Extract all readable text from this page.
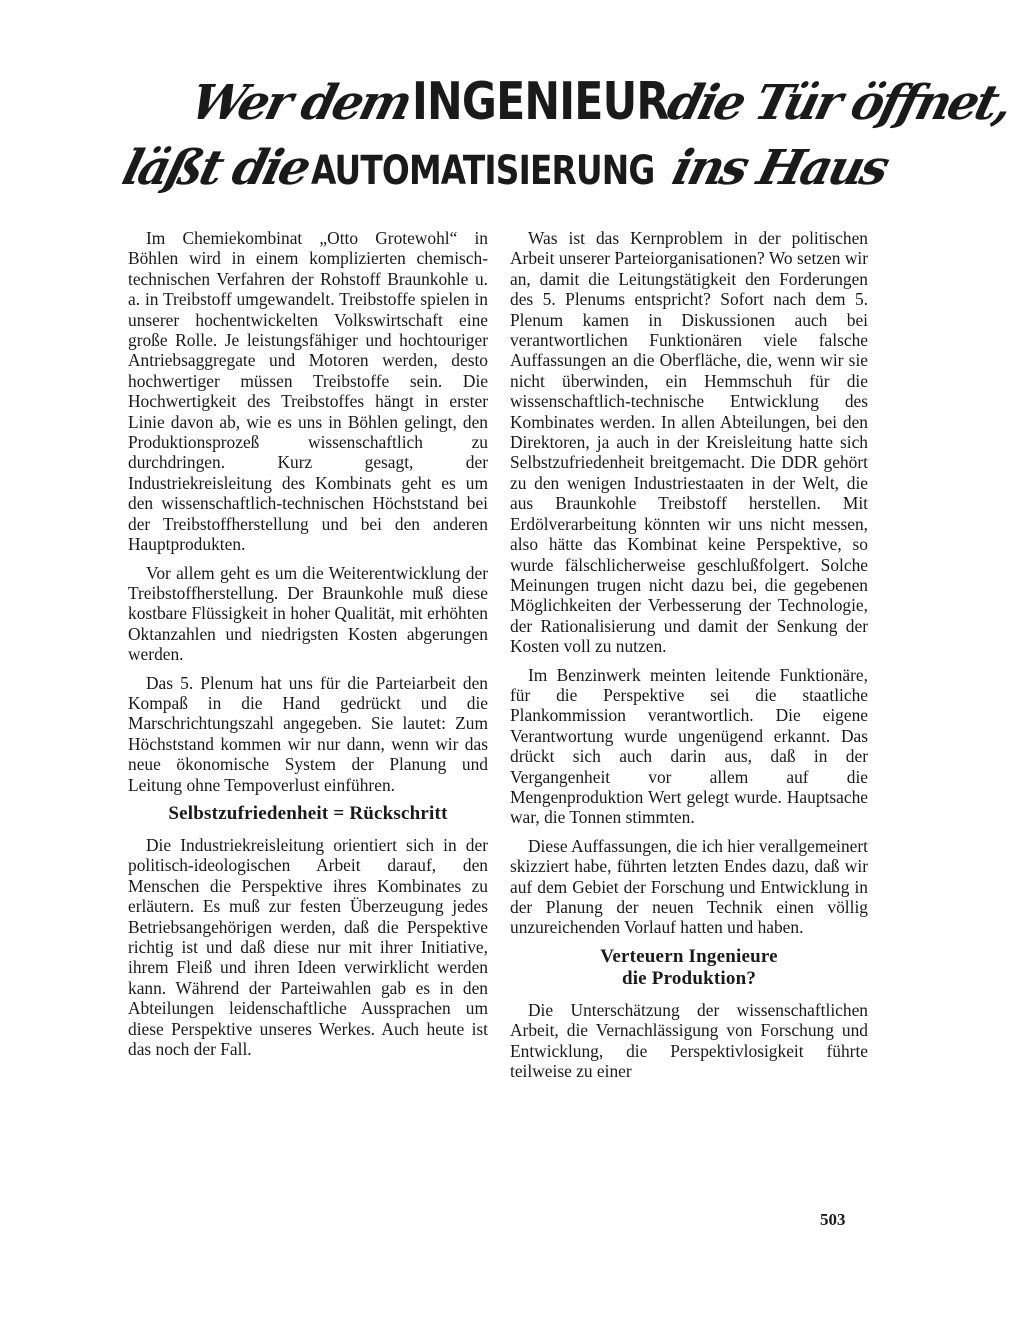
Wer dem INGENIEUR die Tür öffnet,
läßt die AUTOMATISIERUNG ins Haus

Im Chemiekombinat „Otto Grotewohl“ in Böhlen wird in einem komplizierten chemisch-technischen Verfahren der Rohstoff Braunkohle u. a. in Treibstoff umgewandelt. Treibstoffe spielen in unserer hochentwickelten Volkswirtschaft eine große Rolle. Je leistungsfähiger und hochtouriger Antriebsaggregate und Motoren werden, desto hochwertiger müssen Treibstoffe sein. Die Hochwertigkeit des Treibstoffes hängt in erster Linie davon ab, wie es uns in Böhlen gelingt, den Produktionsprozeß wissenschaftlich zu durchdringen. Kurz gesagt, der Industriekreisleitung des Kombinats geht es um den wissenschaftlich-technischen Höchststand bei der Treibstoffherstellung und bei den anderen Hauptprodukten.

Vor allem geht es um die Weiterentwicklung der Treibstoffherstellung. Der Braunkohle muß diese kostbare Flüssigkeit in hoher Qualität, mit erhöhten Oktanzahlen und niedrigsten Kosten abgerungen werden.

Das 5. Plenum hat uns für die Parteiarbeit den Kompaß in die Hand gedrückt und die Marschrichtungszahl angegeben. Sie lautet: Zum Höchststand kommen wir nur dann, wenn wir das neue ökonomische System der Planung und Leitung ohne Tempoverlust einführen.

Selbstzufriedenheit = Rückschritt

Die Industriekreisleitung orientiert sich in der politisch-ideologischen Arbeit darauf, den Menschen die Perspektive ihres Kombinates zu erläutern. Es muß zur festen Überzeugung jedes Betriebsangehörigen werden, daß die Perspektive richtig ist und daß diese nur mit ihrer Initiative, ihrem Fleiß und ihren Ideen verwirklicht werden kann. Während der Parteiwahlen gab es in den Abteilungen leidenschaftliche Aussprachen um diese Perspektive unseres Werkes. Auch heute ist das noch der Fall.

Was ist das Kernproblem in der politischen Arbeit unserer Parteiorganisationen? Wo setzen wir an, damit die Leitungstätigkeit den Forderungen des 5. Plenums entspricht? Sofort nach dem 5. Plenum kamen in Diskussionen auch bei verantwortlichen Funktionären viele falsche Auffassungen an die Oberfläche, die, wenn wir sie nicht überwinden, ein Hemmschuh für die wissenschaftlich-technische Entwicklung des Kombinates werden. In allen Abteilungen, bei den Direktoren, ja auch in der Kreisleitung hatte sich Selbstzufriedenheit breitgemacht. Die DDR gehört zu den wenigen Industriestaaten in der Welt, die aus Braunkohle Treibstoff herstellen. Mit Erdölverarbeitung könnten wir uns nicht messen, also hätte das Kombinat keine Perspektive, so wurde fälschlicherweise geschlußfolgert. Solche Meinungen trugen nicht dazu bei, die gegebenen Möglichkeiten der Verbesserung der Technologie, der Rationalisierung und damit der Senkung der Kosten voll zu nutzen.

Im Benzinwerk meinten leitende Funktionäre, für die Perspektive sei die staatliche Plankommission verantwortlich. Die eigene Verantwortung wurde ungenügend erkannt. Das drückt sich auch darin aus, daß in der Vergangenheit vor allem auf die Mengenproduktion Wert gelegt wurde. Hauptsache war, die Tonnen stimmten.

Diese Auffassungen, die ich hier verallgemeinert skizziert habe, führten letzten Endes dazu, daß wir auf dem Gebiet der Forschung und Entwicklung in der Planung der neuen Technik einen völlig unzureichenden Vorlauf hatten und haben.

Verteuern Ingenieure
die Produktion?

Die Unterschätzung der wissenschaftlichen Arbeit, die Vernachlässigung von Forschung und Entwicklung, die Perspektivlosigkeit führte teilweise zu einer

503
